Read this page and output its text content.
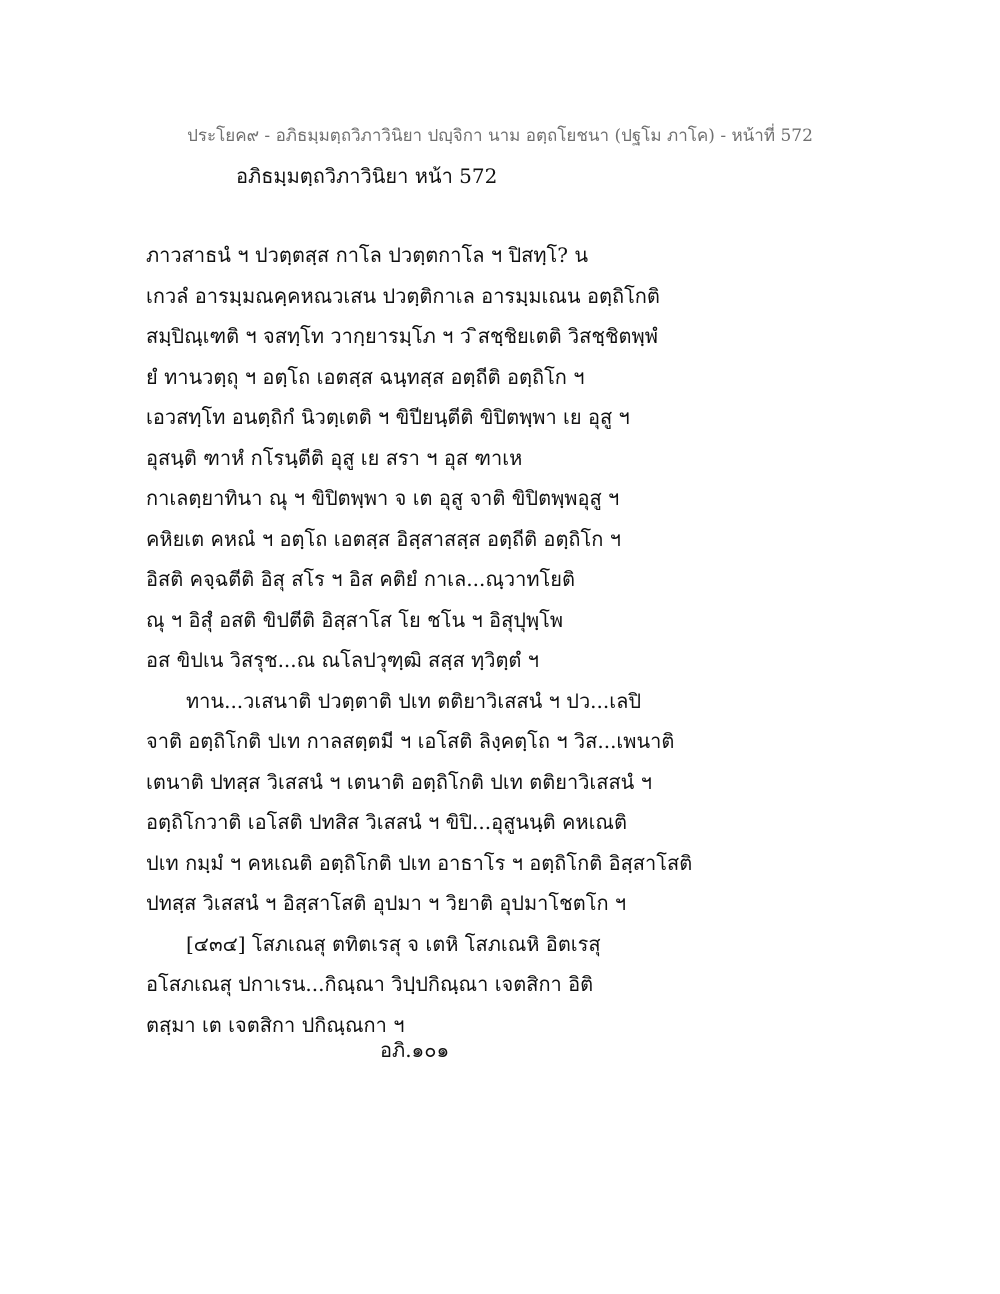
ประโยค๙ - อภิธมฺมตฺถวิภาวินิยา ปญฺจิกา นาม อตฺถโยชนา (ปฐโม ภาโค) - หน้าที่ 572
อภิธมฺมตฺถวิภาวินิยา หน้า 572
ภาวสาธนํ ฯ ปวตฺตสฺส กาโล ปวตฺตกาโล ฯ ปิสทฺโ? น
เกวลํ อารมฺมณคฺคหณวเสน ปวตฺติกาเล อารมฺมเณน อตฺถิโกติ
สมฺปิณฺเฑติ ฯ จสทฺโท วากฺยารมฺโภ ฯ ว ิสชฺชิยเตติ วิสชฺชิตพฺพํ
ยํ ทานวตฺถุ ฯ อตฺโถ เอตสฺส ฉนฺทสฺส อตฺถีติ อตฺถิโก ฯ
เอวสทฺโท อนตฺถิกํ นิวตฺเตติ ฯ ขิปียนฺตีติ ขิปิตพฺพา เย อุสู ฯ
อุสนฺติ ฑาหํ กโรนฺตีติ อุสู เย สรา ฯ อุส ฑาเห
กาเลตฺยาทินา ณุ ฯ ขิปิตพฺพา จ เต อุสู จาติ ขิปิตพฺพอุสู ฯ
คหิยเต คหณํ ฯ อตฺโถ เอตสฺส อิสฺสาสสฺส อตฺถีติ อตฺถิโก ฯ
อิสติ คจฺฉตีติ อิสุ สโร ฯ อิส คติยํ กาเล...ณฺวาทโยติ
ณุ ฯ อิสุํ อสติ ขิปตีติ อิสฺสาโส โย ชโน ฯ อิสุปุพฺโพ
อส ขิปเน วิสรุช...ณ ณโลปวุฑฺฒิ สสฺส ทฺวิตฺตํ ฯ
ทาน...วเสนาติ ปวตฺตาติ ปเท ตติยาวิเสสนํ ฯ ปว...เลปิ
จาติ อตฺถิโกติ ปเท กาลสตฺตมี ฯ เอโสติ ลิงฺคตฺโถ ฯ วิส...เพนาติ
เตนาติ ปทสฺส วิเสสนํ ฯ เตนาติ อตฺถิโกติ ปเท ตติยาวิเสสนํ ฯ
อตฺถิโกวาติ เอโสติ ปทสิส วิเสสนํ ฯ ขิปิ...อุสูนนฺติ คหเณติ
ปเท กมฺมํ ฯ คหเณติ อตฺถิโกติ ปเท อาธาโร ฯ อตฺถิโกติ อิสฺสาโสติ
ปทสฺส วิเสสนํ ฯ อิสฺสาโสติ อุปมา ฯ วิยาติ อุปมาโชตโก ฯ
[๔๓๔] โสภเณสุ ตทิตเรสุ จ เตหิ โสภเณหิ อิตเรสุ
อโสภเณสุ ปกาเรน...กิณฺณา วิปฺปกิณฺณา เจตสิกา อิติ
ตสฺมา เต เจตสิกา ปกิณฺณกา ฯ
อภิ.๑๐๑
